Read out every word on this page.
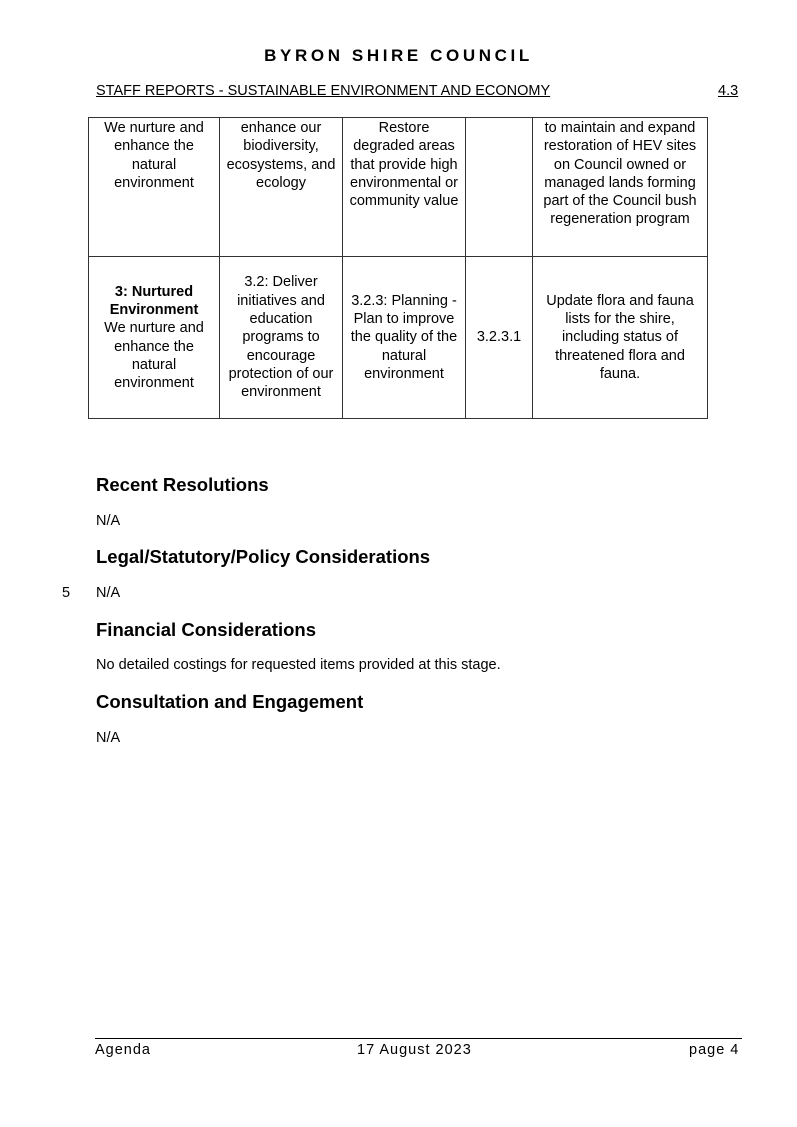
BYRON SHIRE COUNCIL
STAFF REPORTS - SUSTAINABLE ENVIRONMENT AND ECONOMY	4.3
We nurture and enhance the natural environment	enhance our biodiversity, ecosystems, and ecology	Restore degraded areas that provide high environmental or community value		to maintain and expand restoration of HEV sites on Council owned or managed lands forming part of the Council bush regeneration program
3: Nurtured Environment
We nurture and enhance the natural environment	3.2: Deliver initiatives and education programs to encourage protection of our environment	3.2.3: Planning - Plan to improve the quality of the natural environment	3.2.3.1	Update flora and fauna lists for the shire, including status of threatened flora and fauna.
Recent Resolutions

N/A

Legal/Statutory/Policy Considerations
5 N/A

Financial Considerations

No detailed costings for requested items provided at this stage.

Consultation and Engagement

N/A

Agenda	17 August 2023	page 4
